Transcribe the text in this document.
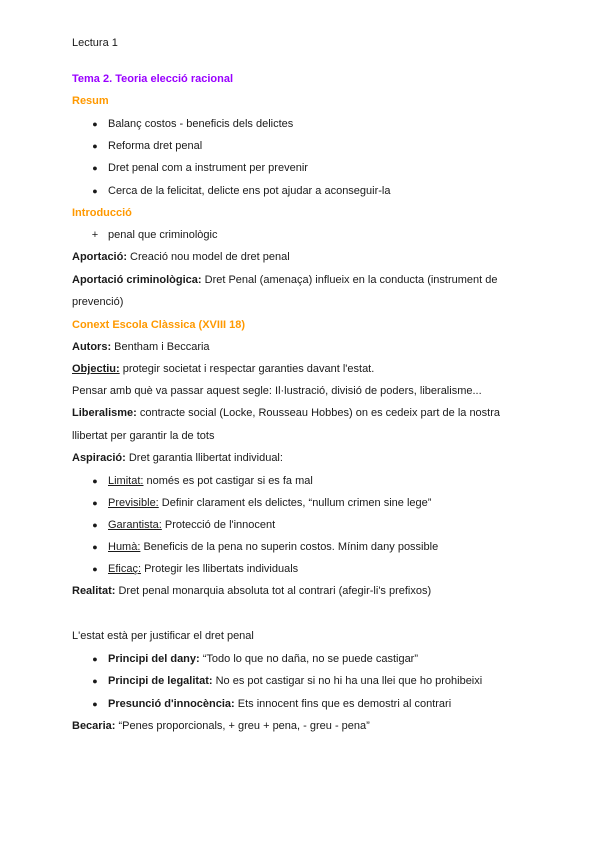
Lectura 1
Tema 2. Teoria elecció racional
Resum
● Balanç costos - beneficis dels delictes
● Reforma dret penal
● Dret penal com a instrument per prevenir
● Cerca de la felicitat, delicte ens pot ajudar a aconseguir-la
Introducció
+ penal que criminològic
Aportació: Creació nou model de dret penal
Aportació criminològica: Dret Penal (amenaça) influeix en la conducta (instrument de
prevenció)
Conext Escola Clàssica (XVIII 18)
Autors: Bentham i Beccaria
Objectiu: protegir societat i respectar garanties davant l'estat.
Pensar amb què va passar aquest segle: Il·lustració, divisió de poders, liberalisme...
Liberalisme: contracte social (Locke, Rousseau Hobbes) on es cedeix part de la nostra
llibertat per garantir la de tots
Aspiració: Dret garantia llibertat individual:
● Limitat: només es pot castigar si es fa mal
● Previsible: Definir clarament els delictes, “nullum crimen sine lege”
● Garantista: Protecció de l'innocent
● Humà: Beneficis de la pena no superin costos. Mínim dany possible
● Eficaç: Protegir les llibertats individuals
Realitat: Dret penal monarquia absoluta tot al contrari (afegir-li's prefixos)
L'estat està per justificar el dret penal
● Principi del dany: “Todo lo que no daña, no se puede castigar”
● Principi de legalitat: No es pot castigar si no hi ha una llei que ho prohibeixi
● Presunció d'innocència: Ets innocent fins que es demostri al contrari
Becaria: “Penes proporcionals, + greu + pena, - greu - pena”
